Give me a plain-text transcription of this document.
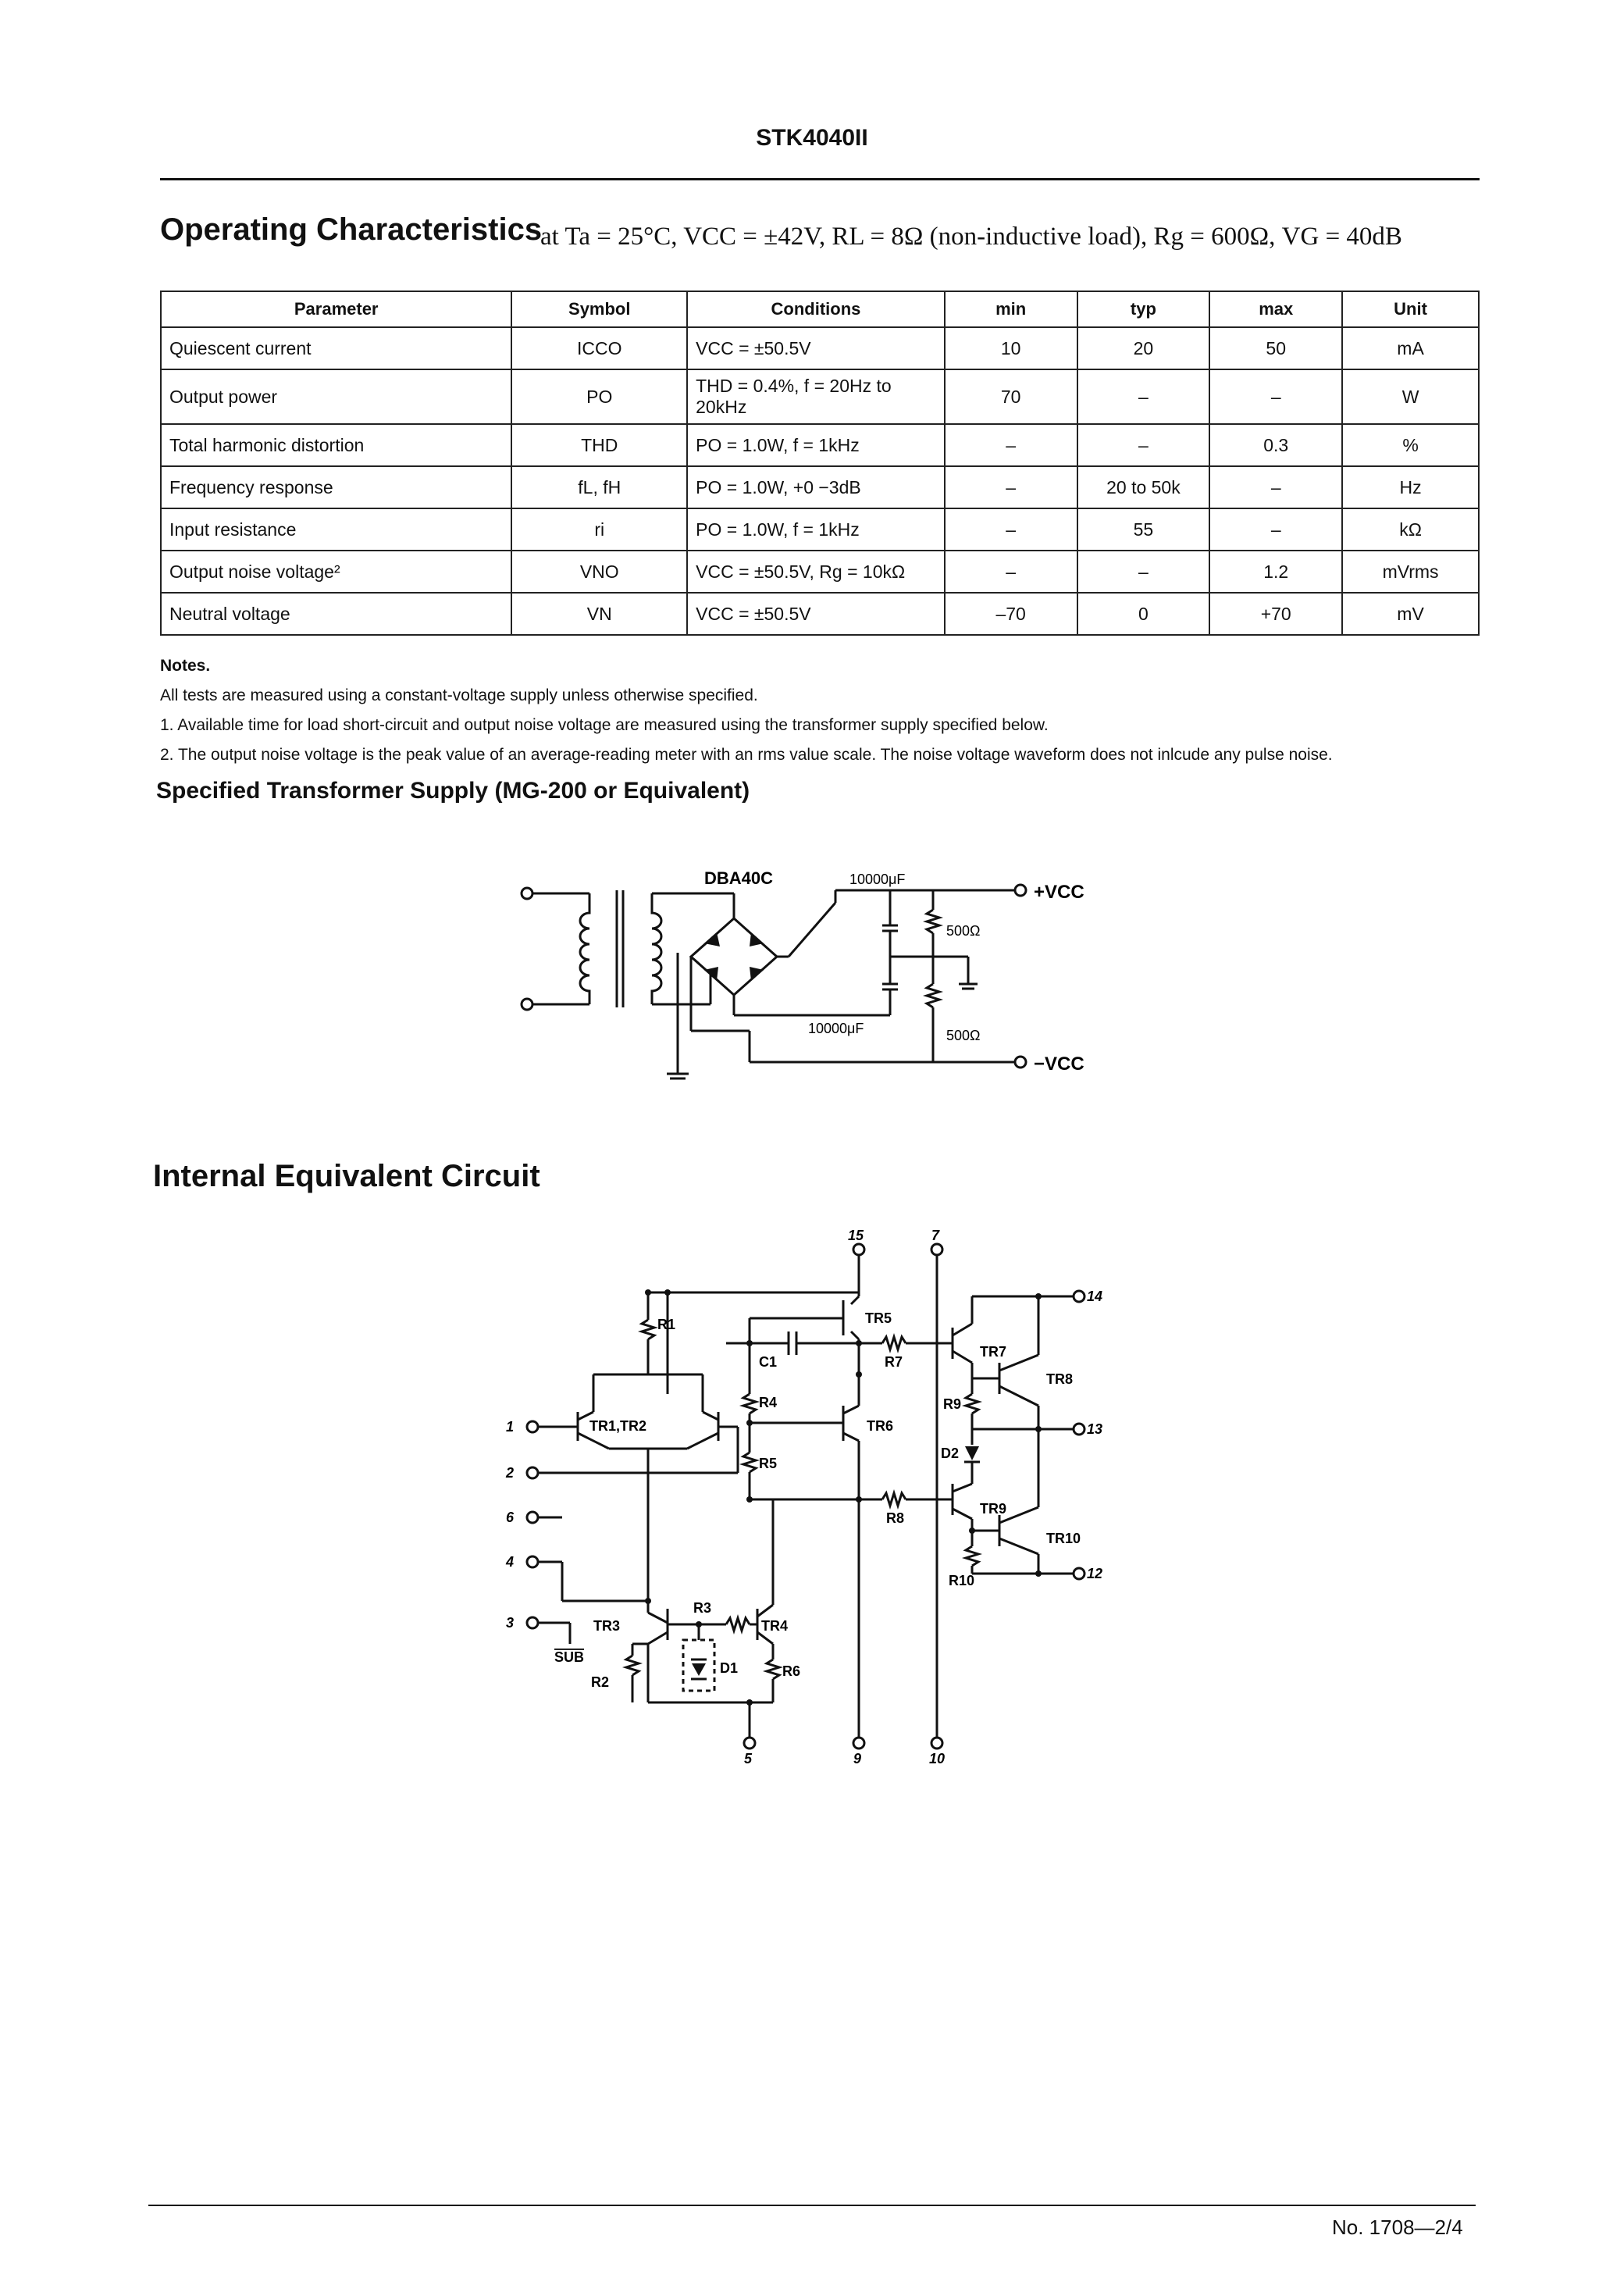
STK4040II
Operating Characteristics
at Ta = 25°C, VCC = ±42V, RL = 8Ω (non-inductive load), Rg = 600Ω, VG = 40dB
Parameter	Symbol	Conditions	min	typ	max	Unit
Quiescent current	ICCO	VCC = ±50.5V	10	20	50	mA
Output power	PO	THD = 0.4%, f = 20Hz to 20kHz	70	–	–	W
Total harmonic distortion	THD	PO = 1.0W, f = 1kHz	–	–	0.3	%
Frequency response	fL, fH	PO = 1.0W, +0 −3dB	–	20 to 50k	–	Hz
Input resistance	ri	PO = 1.0W, f = 1kHz	–	55	–	kΩ
Output noise voltage²	VNO	VCC = ±50.5V, Rg = 10kΩ	–	–	1.2	mVrms
Neutral voltage	VN	VCC = ±50.5V	–70	0	+70	mV
Notes.
All tests are measured using a constant-voltage supply unless otherwise specified.
1. Available time for load short-circuit and output noise voltage are measured using the transformer supply specified below.
2. The output noise voltage is the peak value of an average-reading meter with an rms value scale. The noise voltage waveform does not inlcude any pulse noise.
Specified Transformer Supply (MG-200 or Equivalent)
DBA40C	10000μF
10000μF
500Ω
500Ω
+VCC
−VCC
Internal Equivalent Circuit
15	7
14
13
12
1
2
6
4
3
5	9	10
R1	TR5
C1	R7
TR7
TR8
R4
TR6
R9
TR1,TR2
R5
D2
R8
TR9
TR10
R10
R3
TR3	TR4
SUB
D1
R2
R6
No. 1708—2/4
